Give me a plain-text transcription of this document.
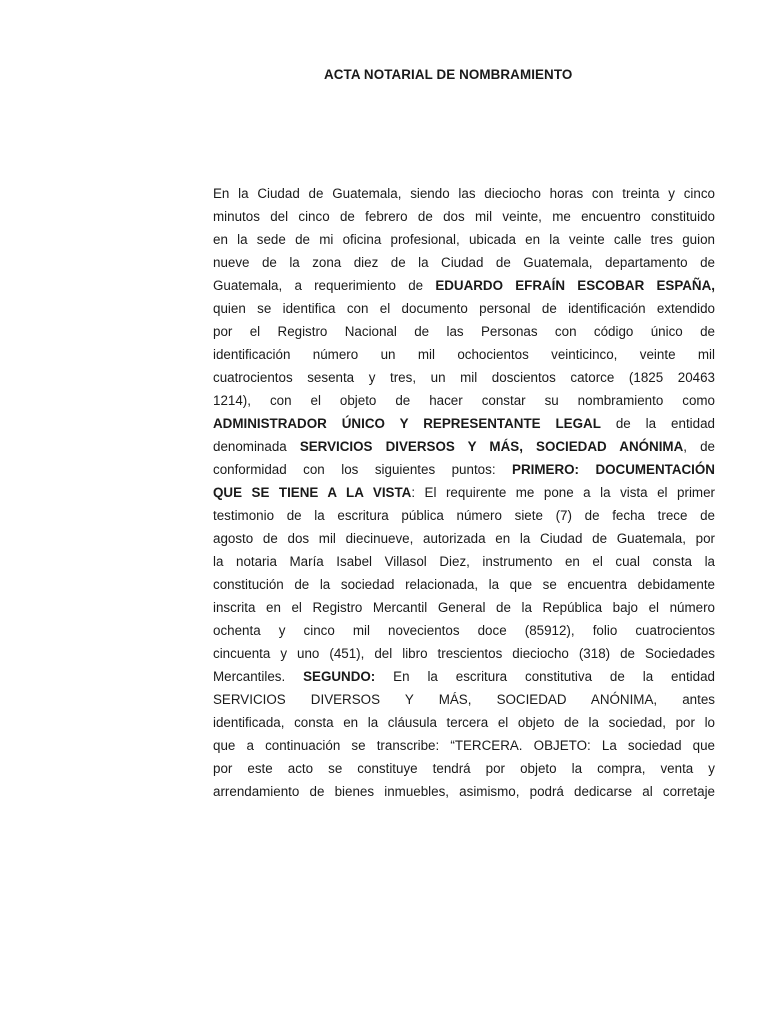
ACTA NOTARIAL DE NOMBRAMIENTO
En la Ciudad de Guatemala, siendo las dieciocho horas con treinta y cinco
minutos del cinco de febrero de dos mil veinte, me encuentro constituido
en la sede de mi oficina profesional, ubicada en la veinte calle tres guion
nueve de la zona diez de la Ciudad de Guatemala, departamento de
Guatemala, a requerimiento de EDUARDO EFRAÍN ESCOBAR ESPAÑA,
quien se identifica con el documento personal de identificación extendido
por el Registro Nacional de las Personas con código único de
identificación número un mil ochocientos veinticinco, veinte mil
cuatrocientos sesenta y tres, un mil doscientos catorce (1825 20463
1214), con el objeto de hacer constar su nombramiento como
ADMINISTRADOR ÚNICO Y REPRESENTANTE LEGAL de la entidad
denominada SERVICIOS DIVERSOS Y MÁS, SOCIEDAD ANÓNIMA, de
conformidad con los siguientes puntos: PRIMERO: DOCUMENTACIÓN
QUE SE TIENE A LA VISTA: El requirente me pone a la vista el primer
testimonio de la escritura pública número siete (7) de fecha trece de
agosto de dos mil diecinueve, autorizada en la Ciudad de Guatemala, por
la notaria María Isabel Villasol Diez, instrumento en el cual consta la
constitución de la sociedad relacionada, la que se encuentra debidamente
inscrita en el Registro Mercantil General de la República bajo el número
ochenta y cinco mil novecientos doce (85912), folio cuatrocientos
cincuenta y uno (451), del libro trescientos dieciocho (318) de Sociedades
Mercantiles. SEGUNDO: En la escritura constitutiva de la entidad
SERVICIOS DIVERSOS Y MÁS, SOCIEDAD ANÓNIMA, antes
identificada, consta en la cláusula tercera el objeto de la sociedad, por lo
que a continuación se transcribe: “TERCERA. OBJETO: La sociedad que
por este acto se constituye tendrá por objeto la compra, venta y
arrendamiento de bienes inmuebles, asimismo, podrá dedicarse al corretaje
